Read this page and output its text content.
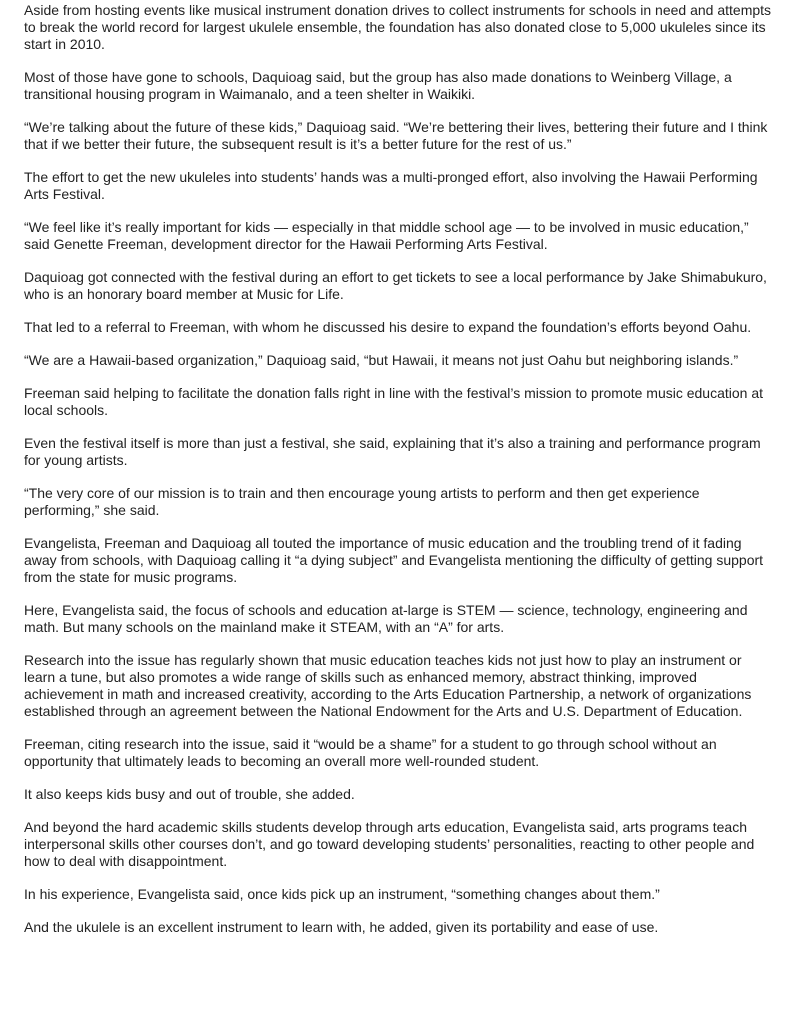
Aside from hosting events like musical instrument donation drives to collect instruments for schools in need and attempts to break the world record for largest ukulele ensemble, the foundation has also donated close to 5,000 ukuleles since its start in 2010.

Most of those have gone to schools, Daquioag said, but the group has also made donations to Weinberg Village, a transitional housing program in Waimanalo, and a teen shelter in Waikiki.

“We’re talking about the future of these kids,” Daquioag said. “We’re bettering their lives, bettering their future and I think that if we better their future, the subsequent result is it’s a better future for the rest of us.”

The effort to get the new ukuleles into students’ hands was a multi-pronged effort, also involving the Hawaii Performing Arts Festival.

“We feel like it’s really important for kids — especially in that middle school age — to be involved in music education,” said Genette Freeman, development director for the Hawaii Performing Arts Festival.

Daquioag got connected with the festival during an effort to get tickets to see a local performance by Jake Shimabukuro, who is an honorary board member at Music for Life.

That led to a referral to Freeman, with whom he discussed his desire to expand the foundation’s efforts beyond Oahu.

“We are a Hawaii-based organization,” Daquioag said, “but Hawaii, it means not just Oahu but neighboring islands.”

Freeman said helping to facilitate the donation falls right in line with the festival’s mission to promote music education at local schools.

Even the festival itself is more than just a festival, she said, explaining that it’s also a training and performance program for young artists.

“The very core of our mission is to train and then encourage young artists to perform and then get experience performing,” she said.

Evangelista, Freeman and Daquioag all touted the importance of music education and the troubling trend of it fading away from schools, with Daquioag calling it “a dying subject” and Evangelista mentioning the difficulty of getting support from the state for music programs.

Here, Evangelista said, the focus of schools and education at-large is STEM — science, technology, engineering and math. But many schools on the mainland make it STEAM, with an “A” for arts.

Research into the issue has regularly shown that music education teaches kids not just how to play an instrument or learn a tune, but also promotes a wide range of skills such as enhanced memory, abstract thinking, improved achievement in math and increased creativity, according to the Arts Education Partnership, a network of organizations established through an agreement between the National Endowment for the Arts and U.S. Department of Education.

Freeman, citing research into the issue, said it “would be a shame” for a student to go through school without an opportunity that ultimately leads to becoming an overall more well-rounded student.

It also keeps kids busy and out of trouble, she added.

And beyond the hard academic skills students develop through arts education, Evangelista said, arts programs teach interpersonal skills other courses don’t, and go toward developing students’ personalities, reacting to other people and how to deal with disappointment.

In his experience, Evangelista said, once kids pick up an instrument, “something changes about them.”

And the ukulele is an excellent instrument to learn with, he added, given its portability and ease of use.
